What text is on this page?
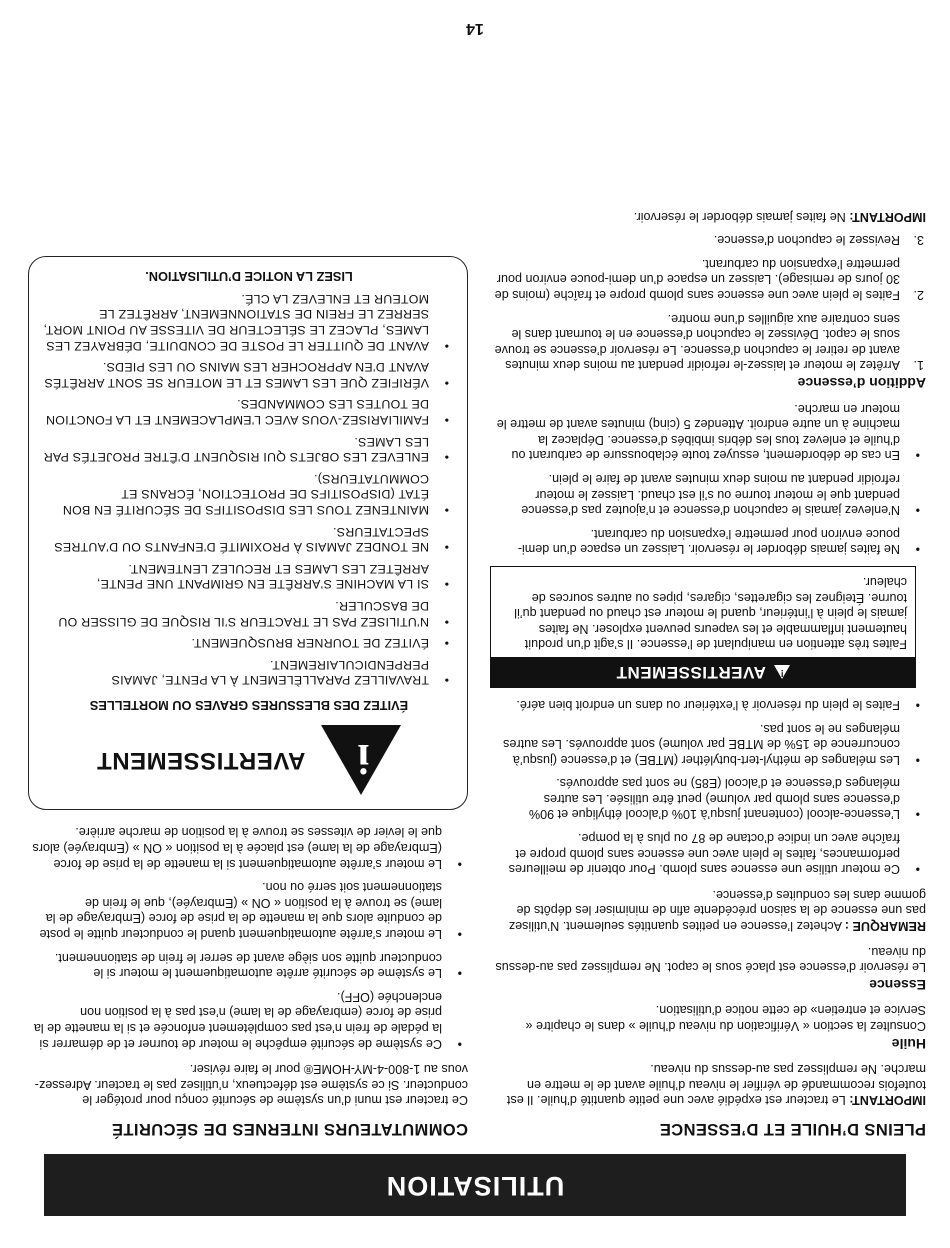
UTILISATION
PLEINS D’HUILE ET D’ESSENCE

IMPORTANT: Le tracteur est expédié avec une petite quantité d’huile. Il est toutefois recommandé de vérifier le niveau d’huile avant de le mettre en marche. Ne remplissez pas au-dessus du niveau.

Huile

Consultez la section « Vérification du niveau d’huile » dans le chapitre « Service et entretien» de cette notice d’utilisation.

Essence

Le réservoir d’essence est placé sous le capot. Ne remplissez pas au-dessus du niveau.

REMARQUE : Achetez l’essence en petites quantités seulement. N’utilisez pas une essence de la saison précédente afin de minimiser les dépôts de gomme dans les conduites d’essence.

• Ce moteur utilise une essence sans plomb. Pour obtenir de meilleures performances, faites le plein avec une essence sans plomb propre et fraîche avec un indice d’octane de 87 ou plus à la pompe.
• L’essence-alcool (contenant jusqu’à 10% d’alcool éthylique et 90% d’essence sans plomb par volume) peut être utilisée. Les autres mélanges d’essence et d’alcool (E85) ne sont pas approuvés.
• Les mélanges de méthyl-tert-butyléther (MTBE) et d’essence (jusqu’à concurrence de 15% de MTBE par volume) sont approuvés. Les autres mélanges ne le sont pas.
• Faites le plein du réservoir à l’extérieur ou dans un endroit bien aéré.
!
AVERTISSEMENT
Faites très attention en manipulant de l’essence. Il s’agit d’un produit hautement inflammable et les vapeurs peuvent exploser. Ne faites jamais le plein à l’intérieur, quand le moteur est chaud ou pendant qu’il tourne. Éteignez les cigarettes, cigares, pipes ou autres sources de chaleur.
• Ne faites jamais déborder le réservoir. Laissez un espace d’un demi-pouce environ pour permettre l’expansion du carburant.
• N’enlevez jamais le capuchon d’essence et n’ajoutez pas d’essence pendant que le moteur tourne ou s’il est chaud. Laissez le moteur refroidir pendant au moins deux minutes avant de faire le plein.
• En cas de débordement, essuyez toute éclaboussure de carburant ou d’huile et enlevez tous les débris imbibés d’essence. Déplacez la machine à un autre endroit. Attendez 5 (cinq) minutes avant de mettre le moteur en marche.
Addition d’essence
1.
Arrêtez le moteur et laissez-le refroidir pendant au moins deux minutes avant de retirer le capuchon d’essence. Le réservoir d’essence se trouve sous le capot. Dévissez le capuchon d’essence en le tournant dans le sens contraire aux aiguilles d’une montre.
2.
Faites le plein avec une essence sans plomb propre et fraîche (moins de 30 jours de remisage). Laissez un espace d’un demi-pouce environ pour permettre l’expansion du carburant.
3.
Revissez le capuchon d’essence.

IMPORTANT: Ne faites jamais déborder le réservoir.

COMMUTATEURS INTERNES DE SÉCURITÉ

Ce tracteur est muni d’un système de sécurité conçu pour protéger le conducteur. Si ce système est défectueux, n’utilisez pas le tracteur. Adressez-vous au 1-800-4-MY-HOME® pour le faire réviser.

• Ce système de sécurité empêche le moteur de tourner et de démarrer si la pédale de frein n’est pas complètement enfoncée et si la manette de la prise de force (embrayage de la lame) n’est pas à la position non enclenchée (OFF).
• Le système de sécurité arrête automatiquement le moteur si le conducteur quitte son siège avant de serrer le frein de stationnement.
• Le moteur s’arrête automatiquement quand le conducteur quitte le poste de conduite alors que la manette de la prise de force (Embrayage de la lame) se trouve à la position « ON » (Embrayée), que le frein de stationnement soit serré ou non.
• Le moteur s’arrête automatiquement si la manette de la prise de force (Embrayage de la lame) est placée à la position « ON » (Embrayée) alors que le levier de vitesses se trouve à la position de marche arrière.
i
AVERTISSEMENT
ÉVITEZ DES BLESSURES GRAVES OU MORTELLES
• TRAVAILLEZ PARALLÈLEMENT À LA PENTE, JAMAIS PERPENDICULAIREMENT.
• ÉVITEZ DE TOURNER BRUSQUEMENT.
• N’UTILISEZ PAS LE TRACTEUR S’IL RISQUE DE GLISSER OU DE BASCULER.
• SI LA MACHINE S’ARRÊTE EN GRIMPANT UNE PENTE, ARRÊTEZ LES LAMES ET RECULEZ LENTEMENT.
• NE TONDEZ JAMAIS À PROXIMITÉ D’ENFANTS OU D’AUTRES SPECTATEURS.
• MAINTENEZ TOUS LES DISPOSITIFS DE SÉCURITÉ EN BON ÉTAT (DISPOSITIFS DE PROTECTION, ÉCRANS ET COMMUTATEURS).
• ENLEVEZ LES OBJETS QUI RISQUENT D’ÊTRE PROJETÉS PAR LES LAMES.
• FAMILIARISEZ-VOUS AVEC L’EMPLACEMENT ET LA FONCTION DE TOUTES LES COMMANDES.
• VÉRIFIEZ QUE LES LAMES ET LE MOTEUR SE SONT ARRÊTÉS AVANT D’EN APPROCHER LES MAINS OU LES PIEDS.
• AVANT DE QUITTER LE POSTE DE CONDUITE, DÉBRAYEZ LES LAMES, PLACEZ LE SÉLECTEUR DE VITESSE AU POINT MORT, SERREZ LE FREIN DE STATIONNEMENT, ARRÊTEZ LE MOTEUR ET ENLEVEZ LA CLÉ.
LISEZ LA NOTICE D’UTILISATION.
14
